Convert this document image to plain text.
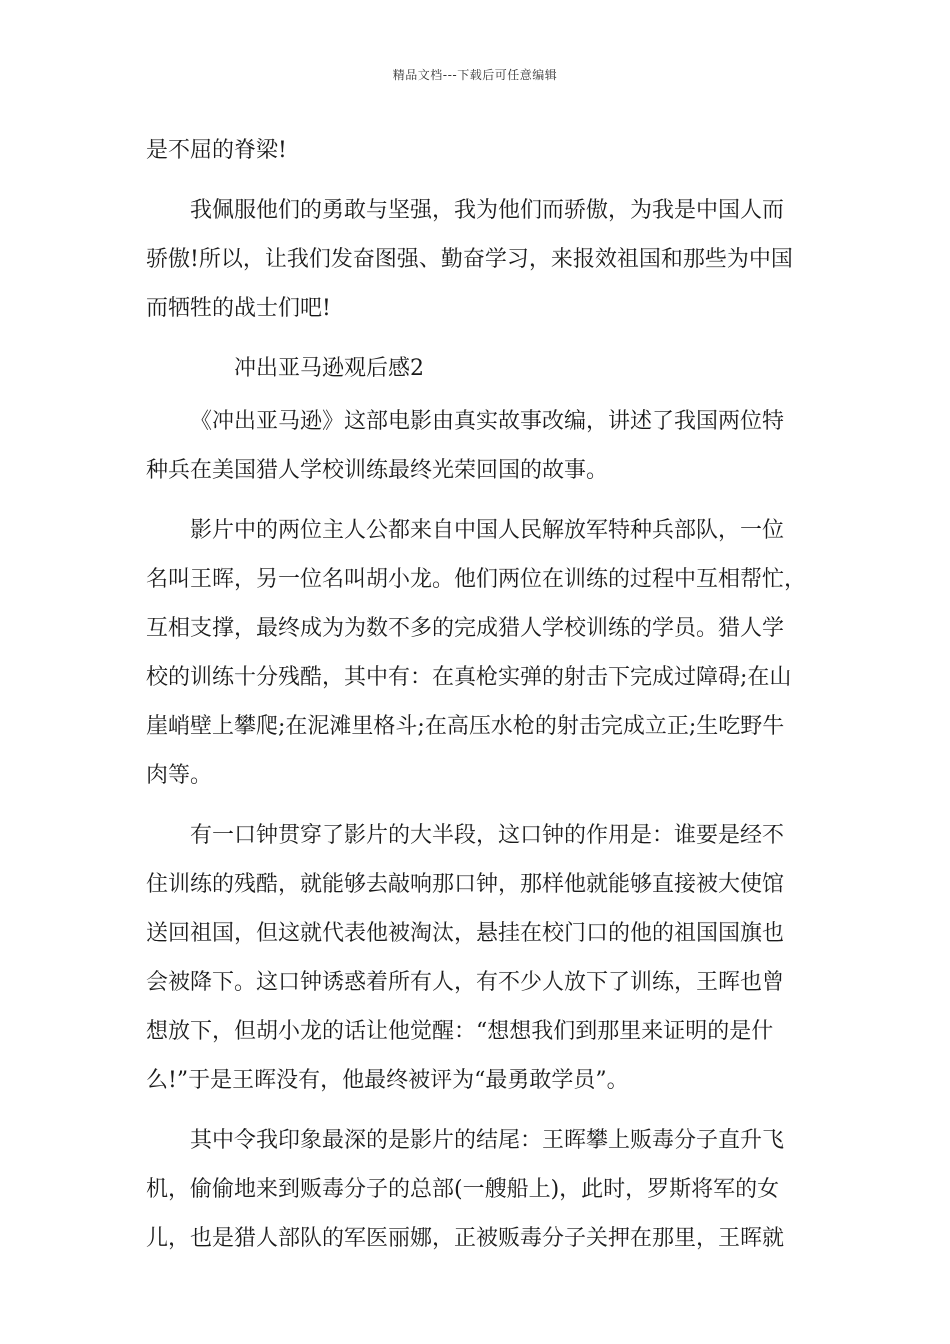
精品文档---下载后可任意编辑
是不屈的脊梁!
我佩服他们的勇敢与坚强，我为他们而骄傲，为我是中国人而
骄傲!所以，让我们发奋图强、勤奋学习，来报效祖国和那些为中国
而牺牲的战士们吧!
冲出亚马逊观后感2
《冲出亚马逊》这部电影由真实故事改编，讲述了我国两位特
种兵在美国猎人学校训练最终光荣回国的故事。
影片中的两位主人公都来自中国人民解放军特种兵部队，一位
名叫王晖，另一位名叫胡小龙。他们两位在训练的过程中互相帮忙，
互相支撑，最终成为为数不多的完成猎人学校训练的学员。猎人学
校的训练十分残酷，其中有：在真枪实弹的射击下完成过障碍;在山
崖峭壁上攀爬;在泥滩里格斗;在高压水枪的射击完成立正;生吃野牛
肉等。
有一口钟贯穿了影片的大半段，这口钟的作用是：谁要是经不
住训练的残酷，就能够去敲响那口钟，那样他就能够直接被大使馆
送回祖国，但这就代表他被淘汰，悬挂在校门口的他的祖国国旗也
会被降下。这口钟诱惑着所有人，有不少人放下了训练，王晖也曾
想放下，但胡小龙的话让他觉醒：“想想我们到那里来证明的是什
么!”于是王晖没有，他最终被评为“最勇敢学员”。
其中令我印象最深的是影片的结尾：王晖攀上贩毒分子直升飞
机，偷偷地来到贩毒分子的总部(一艘船上)，此时，罗斯将军的女
儿，也是猎人部队的军医丽娜，正被贩毒分子关押在那里，王晖就
